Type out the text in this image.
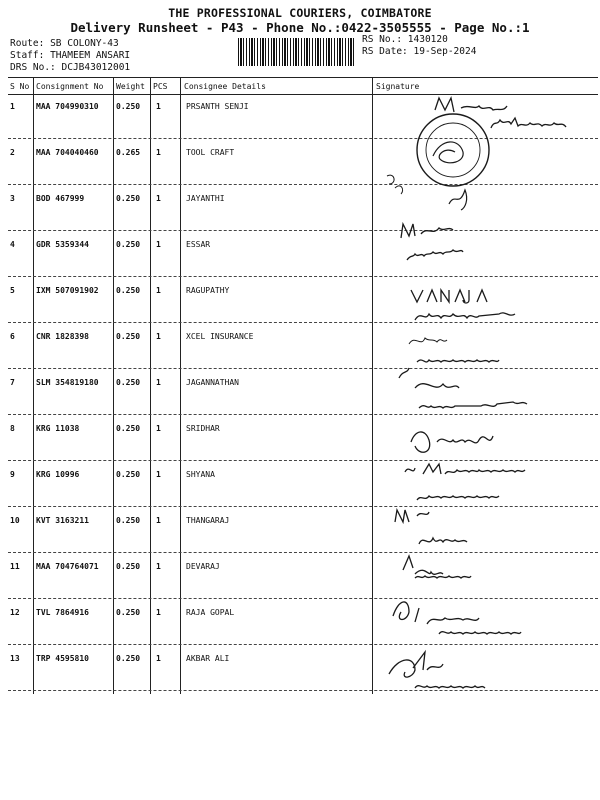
THE PROFESSIONAL COURIERS, COIMBATORE
Delivery Runsheet - P43 - Phone No.:0422-3505555 - Page No.:1
Route: SB COLONY-43
Staff: THAMEEM ANSARI
DRS No.: DCJB43012001
RS No.: 1430120
RS Date: 19-Sep-2024
S No Consignment No Weight PCS Consignee Details	Signature
1	MAA 704990310 0.250 1	PRSANTH SENJI
2	MAA 704040460 0.265 1	TOOL CRAFT
3	BOD 467999	0.250 1	JAYANTHI
4	GDR 5359344	0.250 1	ESSAR
5	IXM 507091902 0.250 1	RAGUPATHY
6	CNR 1828398	0.250 1	XCEL INSURANCE
7	SLM 354819180 0.250 1	JAGANNATHAN
8	KRG 11038	0.250 1	SRIDHAR
9	KRG 10996	0.250 1	SHYANA
10 KVT 3163211	0.250 1	THANGARAJ
11 MAA 704764071 0.250 1	DEVARAJ
12 TVL 7864916	0.250 1	RAJA GOPAL
13 TRP 4595810	0.250 1	AKBAR ALI
